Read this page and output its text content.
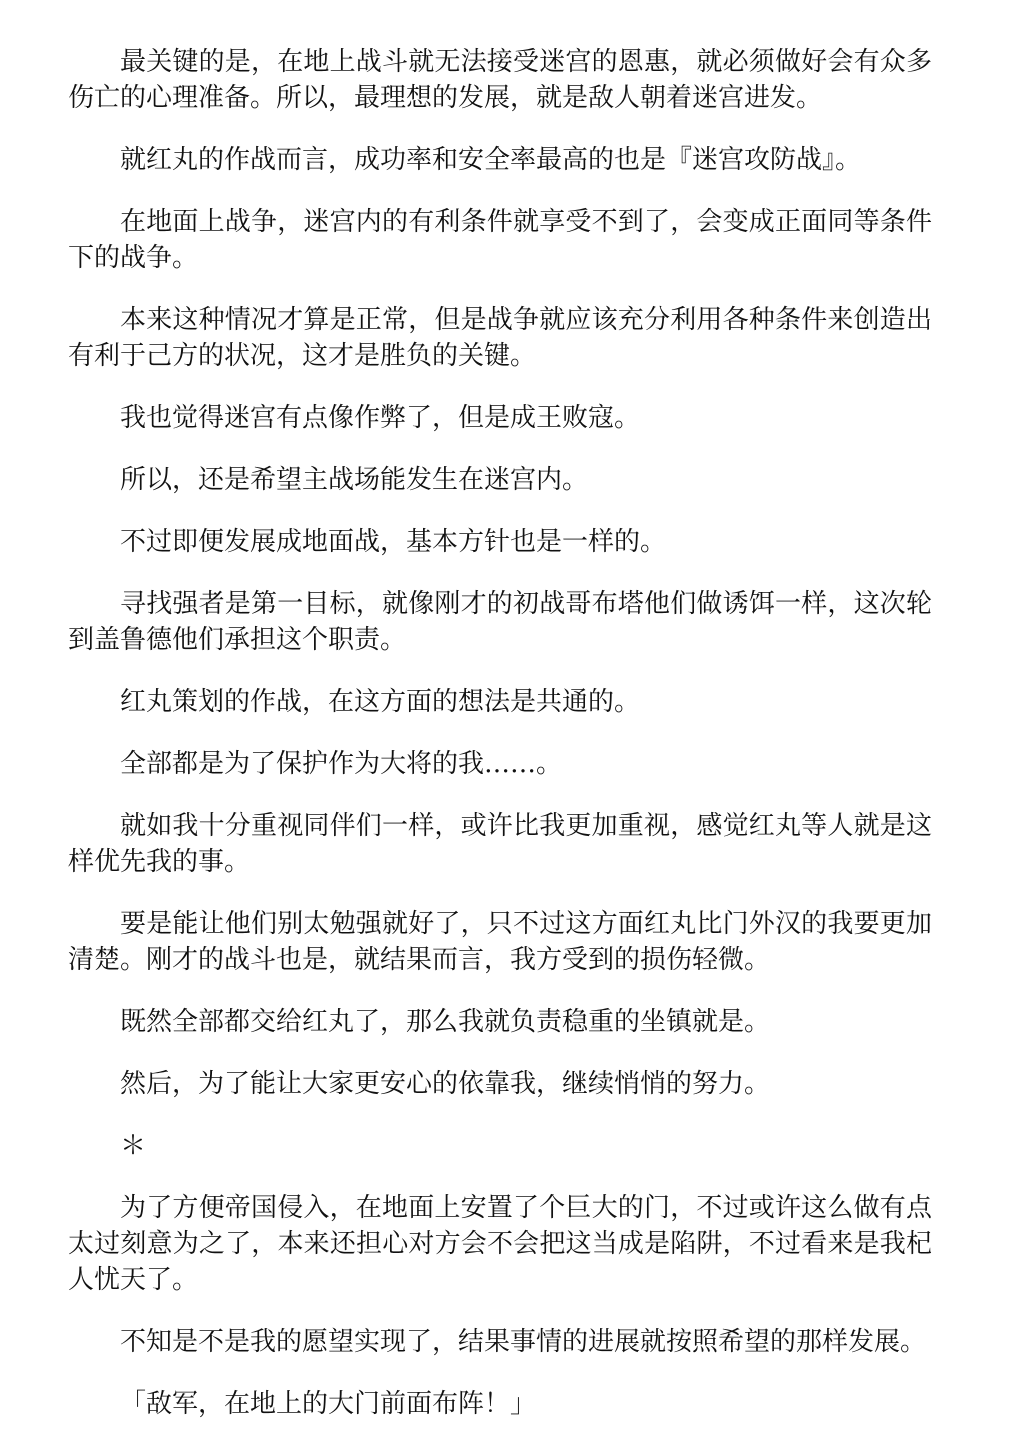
最关键的是，在地上战斗就无法接受迷宫的恩惠，就必须做好会有众多伤亡的心理准备。所以，最理想的发展，就是敌人朝着迷宫进发。

就红丸的作战而言，成功率和安全率最高的也是『迷宫攻防战』。

在地面上战争，迷宫内的有利条件就享受不到了，会变成正面同等条件下的战争。

本来这种情况才算是正常，但是战争就应该充分利用各种条件来创造出有利于己方的状况，这才是胜负的关键。

我也觉得迷宫有点像作弊了，但是成王败寇。

所以，还是希望主战场能发生在迷宫内。

不过即便发展成地面战，基本方针也是一样的。

寻找强者是第一目标，就像刚才的初战哥布塔他们做诱饵一样，这次轮到盖鲁德他们承担这个职责。

红丸策划的作战，在这方面的想法是共通的。

全部都是为了保护作为大将的我……。

就如我十分重视同伴们一样，或许比我更加重视，感觉红丸等人就是这样优先我的事。

要是能让他们别太勉强就好了，只不过这方面红丸比门外汉的我要更加清楚。刚才的战斗也是，就结果而言，我方受到的损伤轻微。

既然全部都交给红丸了，那么我就负责稳重的坐镇就是。

然后，为了能让大家更安心的依靠我，继续悄悄的努力。

＊

为了方便帝国侵入，在地面上安置了个巨大的门，不过或许这么做有点太过刻意为之了，本来还担心对方会不会把这当成是陷阱，不过看来是我杞人忧天了。

不知是不是我的愿望实现了，结果事情的进展就按照希望的那样发展。

「敌军，在地上的大门前面布阵！」
